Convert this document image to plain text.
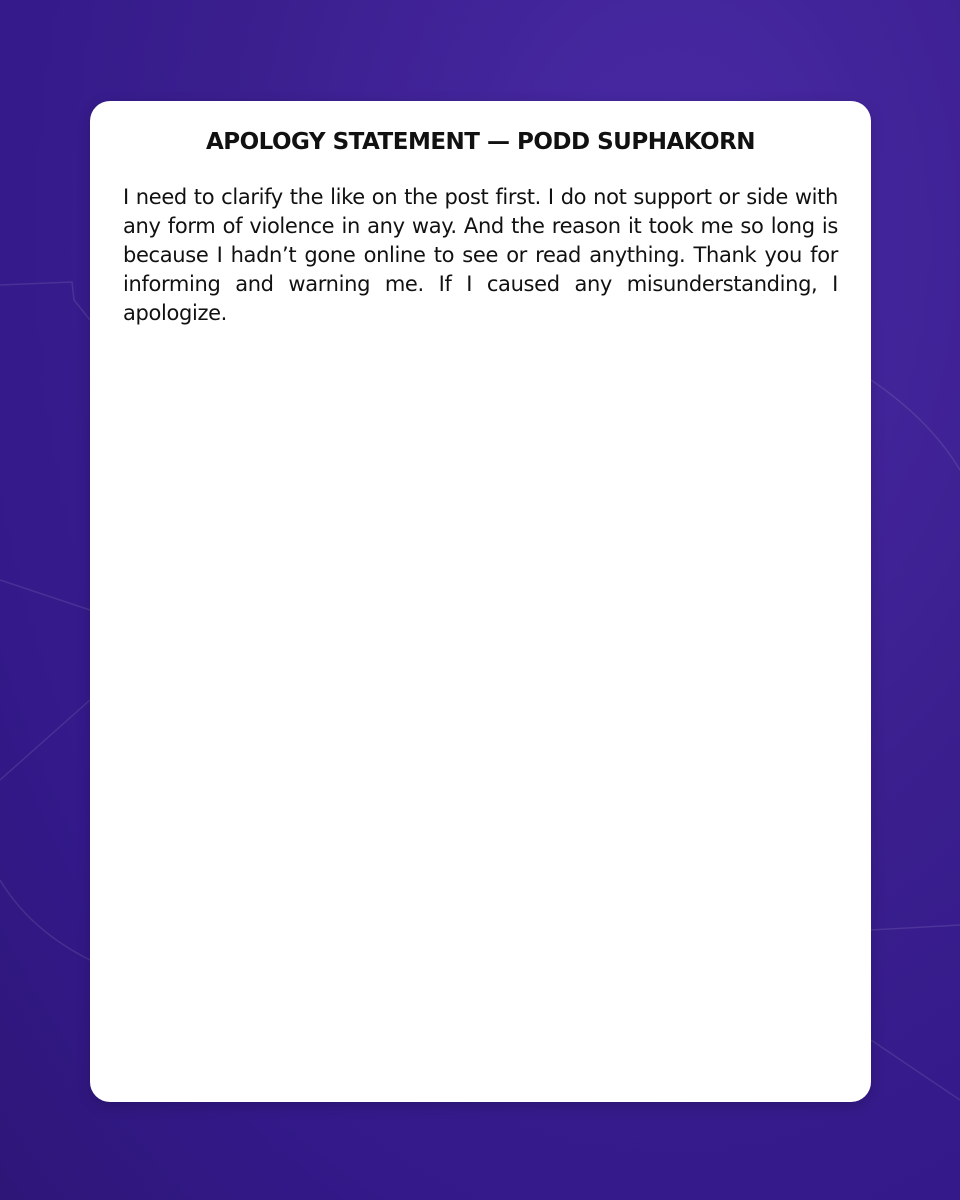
APOLOGY STATEMENT — PODD SUPHAKORN

I need to clarify the like on the post first. I do not support or side with any form of violence in any way. And the reason it took me so long is because I hadn’t gone online to see or read anything. Thank you for informing and warning me. If I caused any misunderstanding, I apologize.
